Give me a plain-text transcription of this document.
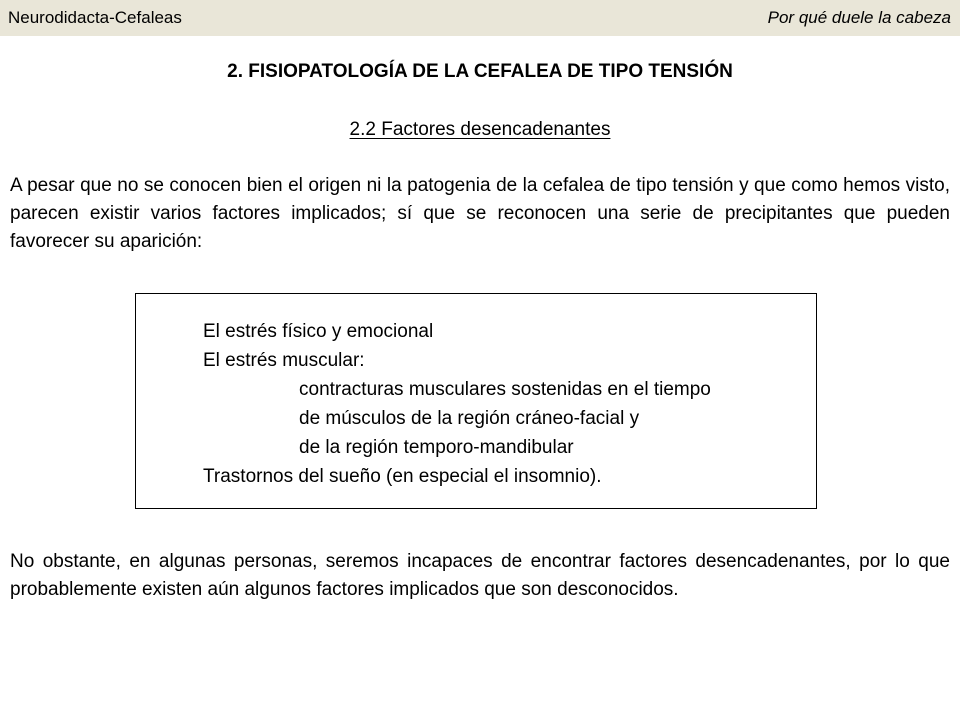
Neurodidacta-Cefaleas	Por qué duele la cabeza
2. FISIOPATOLOGÍA DE LA CEFALEA DE TIPO TENSIÓN
2.2 Factores desencadenantes

A pesar que no se conocen bien el origen ni la patogenia de la cefalea de tipo tensión y que como hemos visto, parecen existir varios factores implicados; sí que se reconocen una serie de precipitantes que pueden favorecer su aparición:

El estrés físico y emocional
El estrés muscular:
contracturas musculares sostenidas en el tiempo
de músculos de la región cráneo-facial y
de la región temporo-mandibular
Trastornos del sueño (en especial el insomnio).

No obstante, en algunas personas, seremos incapaces de encontrar factores desencadenantes, por lo que probablemente existen aún algunos factores implicados que son desconocidos.
